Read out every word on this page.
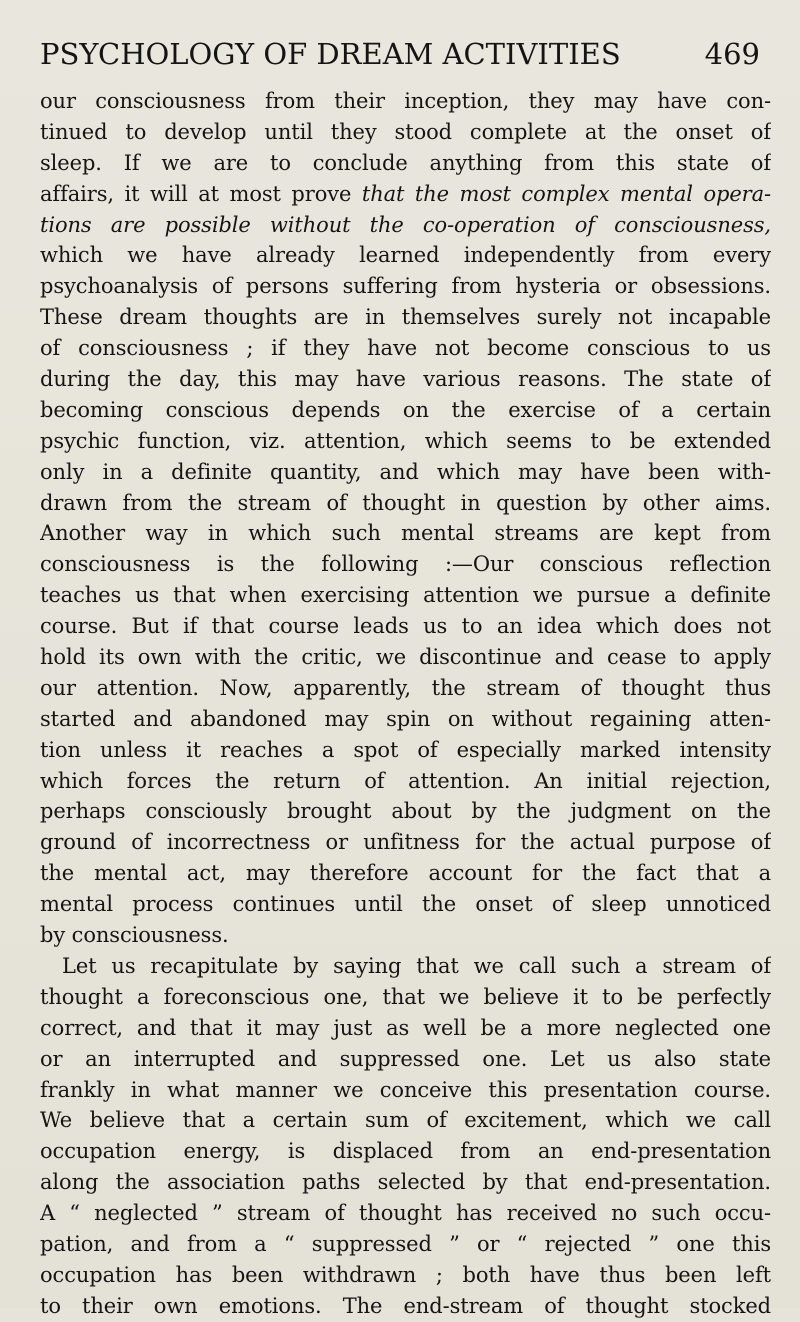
PSYCHOLOGY OF DREAM ACTIVITIES	469
our consciousness from their inception, they may have con-
tinued to develop until they stood complete at the onset of
sleep. If we are to conclude anything from this state of
affairs, it will at most prove that the most complex mental opera-
tions are possible without the co-operation of consciousness,
which we have already learned independently from every
psychoanalysis of persons suffering from hysteria or obsessions.
These dream thoughts are in themselves surely not incapable
of consciousness ; if they have not become conscious to us
during the day, this may have various reasons. The state of
becoming conscious depends on the exercise of a certain
psychic function, viz. attention, which seems to be extended
only in a definite quantity, and which may have been with-
drawn from the stream of thought in question by other aims.
Another way in which such mental streams are kept from
consciousness is the following :—Our conscious reflection
teaches us that when exercising attention we pursue a definite
course. But if that course leads us to an idea which does not
hold its own with the critic, we discontinue and cease to apply
our attention. Now, apparently, the stream of thought thus
started and abandoned may spin on without regaining atten-
tion unless it reaches a spot of especially marked intensity
which forces the return of attention. An initial rejection,
perhaps consciously brought about by the judgment on the
ground of incorrectness or unfitness for the actual purpose of
the mental act, may therefore account for the fact that a
mental process continues until the onset of sleep unnoticed
by consciousness.
Let us recapitulate by saying that we call such a stream of
thought a foreconscious one, that we believe it to be perfectly
correct, and that it may just as well be a more neglected one
or an interrupted and suppressed one. Let us also state
frankly in what manner we conceive this presentation course.
We believe that a certain sum of excitement, which we call
occupation energy, is displaced from an end-presentation
along the association paths selected by that end-presentation.
A “ neglected ” stream of thought has received no such occu-
pation, and from a “ suppressed ” or “ rejected ” one this
occupation has been withdrawn ; both have thus been left
to their own emotions. The end-stream of thought stocked
